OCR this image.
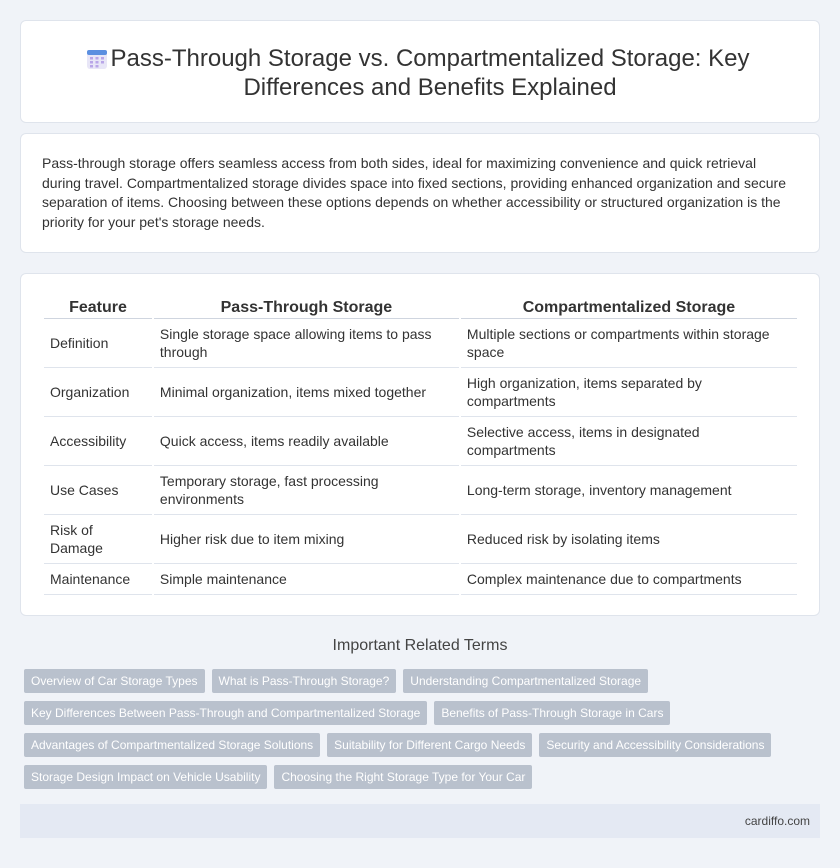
Pass-Through Storage vs. Compartmentalized Storage: Key Differences and Benefits Explained

Pass-through storage offers seamless access from both sides, ideal for maximizing convenience and quick retrieval during travel. Compartmentalized storage divides space into fixed sections, providing enhanced organization and secure separation of items. Choosing between these options depends on whether accessibility or structured organization is the priority for your pet's storage needs.

Feature	Pass-Through Storage	Compartmentalized Storage
Definition	Single storage space allowing items to pass through	Multiple sections or compartments within storage space
Organization	Minimal organization, items mixed together	High organization, items separated by compartments
Accessibility	Quick access, items readily available	Selective access, items in designated compartments
Use Cases	Temporary storage, fast processing environments	Long-term storage, inventory management
Risk of Damage	Higher risk due to item mixing	Reduced risk by isolating items
Maintenance	Simple maintenance	Complex maintenance due to compartments
Important Related Terms
Overview of Car Storage Types	What is Pass-Through Storage?	Understanding Compartmentalized Storage
Key Differences Between Pass-Through and Compartmentalized Storage	Benefits of Pass-Through Storage in Cars
Advantages of Compartmentalized Storage Solutions	Suitability for Different Cargo Needs	Security and Accessibility Considerations
Storage Design Impact on Vehicle Usability	Choosing the Right Storage Type for Your Car
cardiffo.com
